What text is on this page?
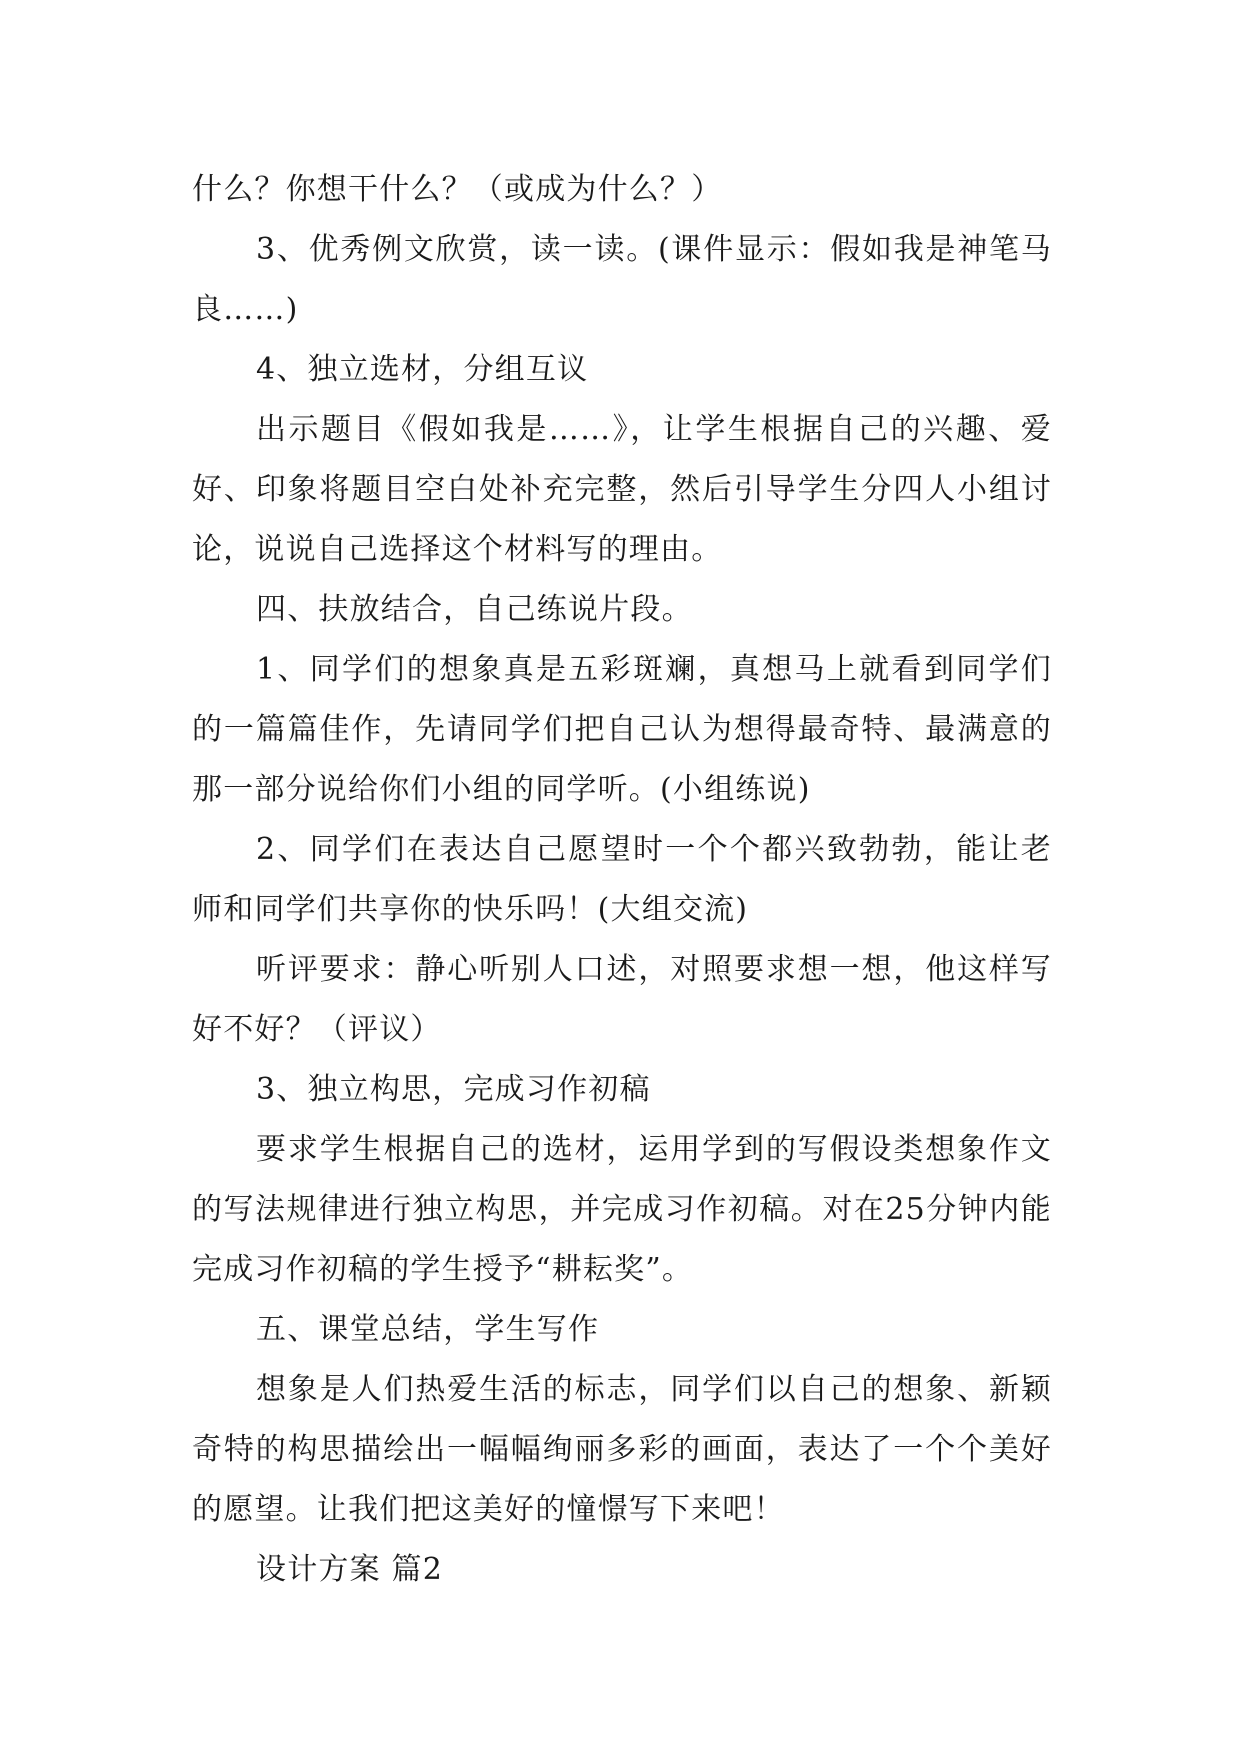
什么？你想干什么？（或成为什么？）

3、优秀例文欣赏，读一读。(课件显示：假如我是神笔马良……)

4、独立选材，分组互议

出示题目《假如我是……》，让学生根据自己的兴趣、爱好、印象将题目空白处补充完整，然后引导学生分四人小组讨论，说说自己选择这个材料写的理由。

四、扶放结合，自己练说片段。

1、同学们的想象真是五彩斑斓，真想马上就看到同学们的一篇篇佳作，先请同学们把自己认为想得最奇特、最满意的那一部分说给你们小组的同学听。(小组练说)

2、同学们在表达自己愿望时一个个都兴致勃勃，能让老师和同学们共享你的快乐吗！(大组交流)

听评要求：静心听别人口述，对照要求想一想，他这样写好不好？（评议）

3、独立构思，完成习作初稿

要求学生根据自己的选材，运用学到的写假设类想象作文的写法规律进行独立构思，并完成习作初稿。对在25分钟内能完成习作初稿的学生授予“耕耘奖”。

五、课堂总结，学生写作

想象是人们热爱生活的标志，同学们以自己的想象、新颖奇特的构思描绘出一幅幅绚丽多彩的画面，表达了一个个美好的愿望。让我们把这美好的憧憬写下来吧！

设计方案 篇2
